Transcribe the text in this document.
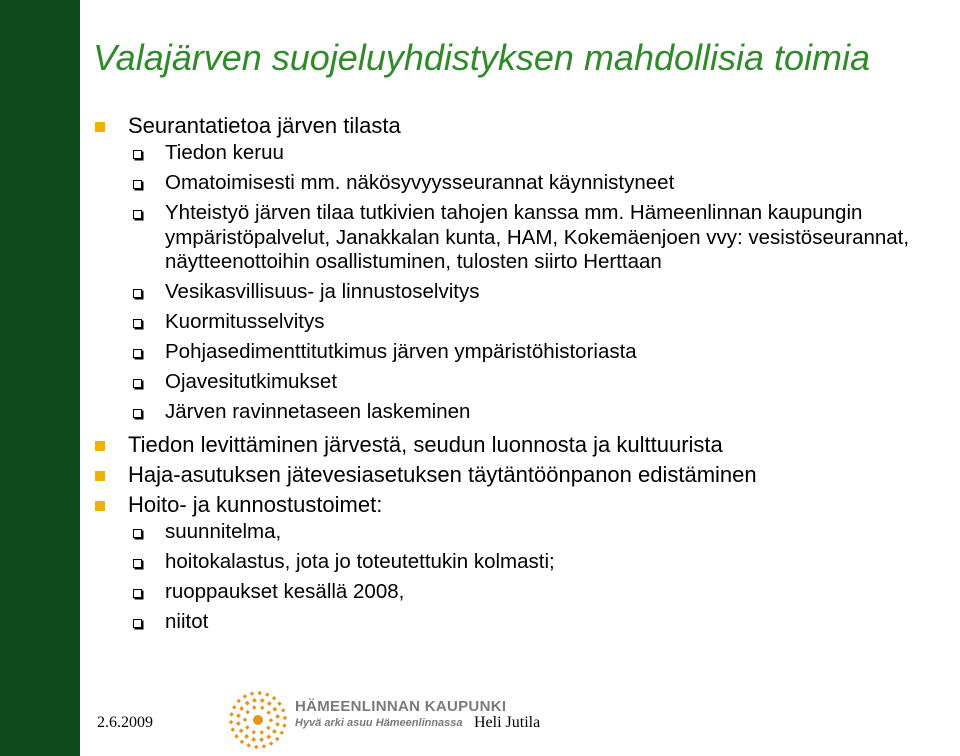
Valajärven suojeluyhdistyksen mahdollisia toimia
Seurantatietoa järven tilasta
Tiedon keruu
Omatoimisesti mm. näkösyvyysseurannat käynnistyneet
Yhteistyö järven tilaa tutkivien tahojen kanssa mm. Hämeenlinnan kaupungin ympäristöpalvelut, Janakkalan kunta, HAM, Kokemäenjoen vvy: vesistöseurannat, näytteenottoihin osallistuminen, tulosten siirto Herttaan
Vesikasvillisuus- ja linnustoselvitys
Kuormitusselvitys
Pohjasedimenttitutkimus järven ympäristöhistoriasta
Ojavesitutkimukset
Järven ravinnetaseen laskeminen
Tiedon levittäminen järvestä, seudun luonnosta ja kulttuurista
Haja-asutuksen jätevesiasetuksen täytäntöönpanon edistäminen
Hoito- ja kunnostustoimet:
suunnitelma,
hoitokalastus, jota jo toteutettukin kolmasti;
ruoppaukset kesällä 2008,
niitot
2.6.2009
HÄMEENLINNAN KAUPUNKI
Hyvä arki asuu Hämeenlinnassa Heli Jutila
